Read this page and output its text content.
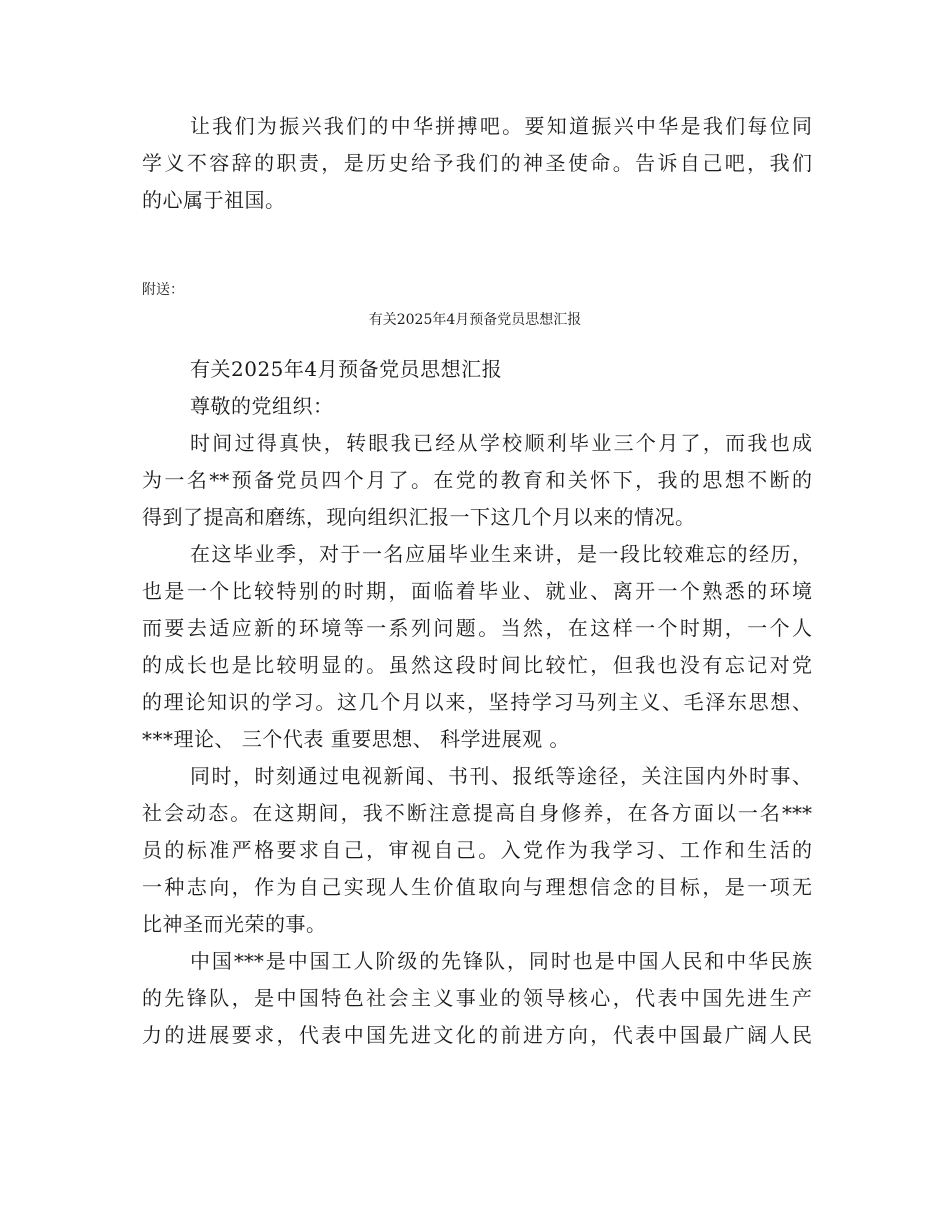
让我们为振兴我们的中华拼搏吧。要知道振兴中华是我们每位同
学义不容辞的职责，是历史给予我们的神圣使命。告诉自己吧，我们
的心属于祖国。
附送：
有关2025年4月预备党员思想汇报
有关2025年4月预备党员思想汇报
尊敬的党组织：
时间过得真快，转眼我已经从学校顺利毕业三个月了，而我也成
为一名**预备党员四个月了。在党的教育和关怀下，我的思想不断的
得到了提高和磨练，现向组织汇报一下这几个月以来的情况。
在这毕业季，对于一名应届毕业生来讲，是一段比较难忘的经历，
也是一个比较特别的时期，面临着毕业、就业、离开一个熟悉的环境
而要去适应新的环境等一系列问题。当然，在这样一个时期，一个人
的成长也是比较明显的。虽然这段时间比较忙，但我也没有忘记对党
的理论知识的学习。这几个月以来，坚持学习马列主义、毛泽东思想、
***理论、 三个代表 重要思想、 科学进展观 。
同时，时刻通过电视新闻、书刊、报纸等途径，关注国内外时事、
社会动态。在这期间，我不断注意提高自身修养，在各方面以一名***
员的标准严格要求自己，审视自己。入党作为我学习、工作和生活的
一种志向，作为自己实现人生价值取向与理想信念的目标，是一项无
比神圣而光荣的事。
中国***是中国工人阶级的先锋队，同时也是中国人民和中华民族
的先锋队，是中国特色社会主义事业的领导核心，代表中国先进生产
力的进展要求，代表中国先进文化的前进方向，代表中国最广阔人民
